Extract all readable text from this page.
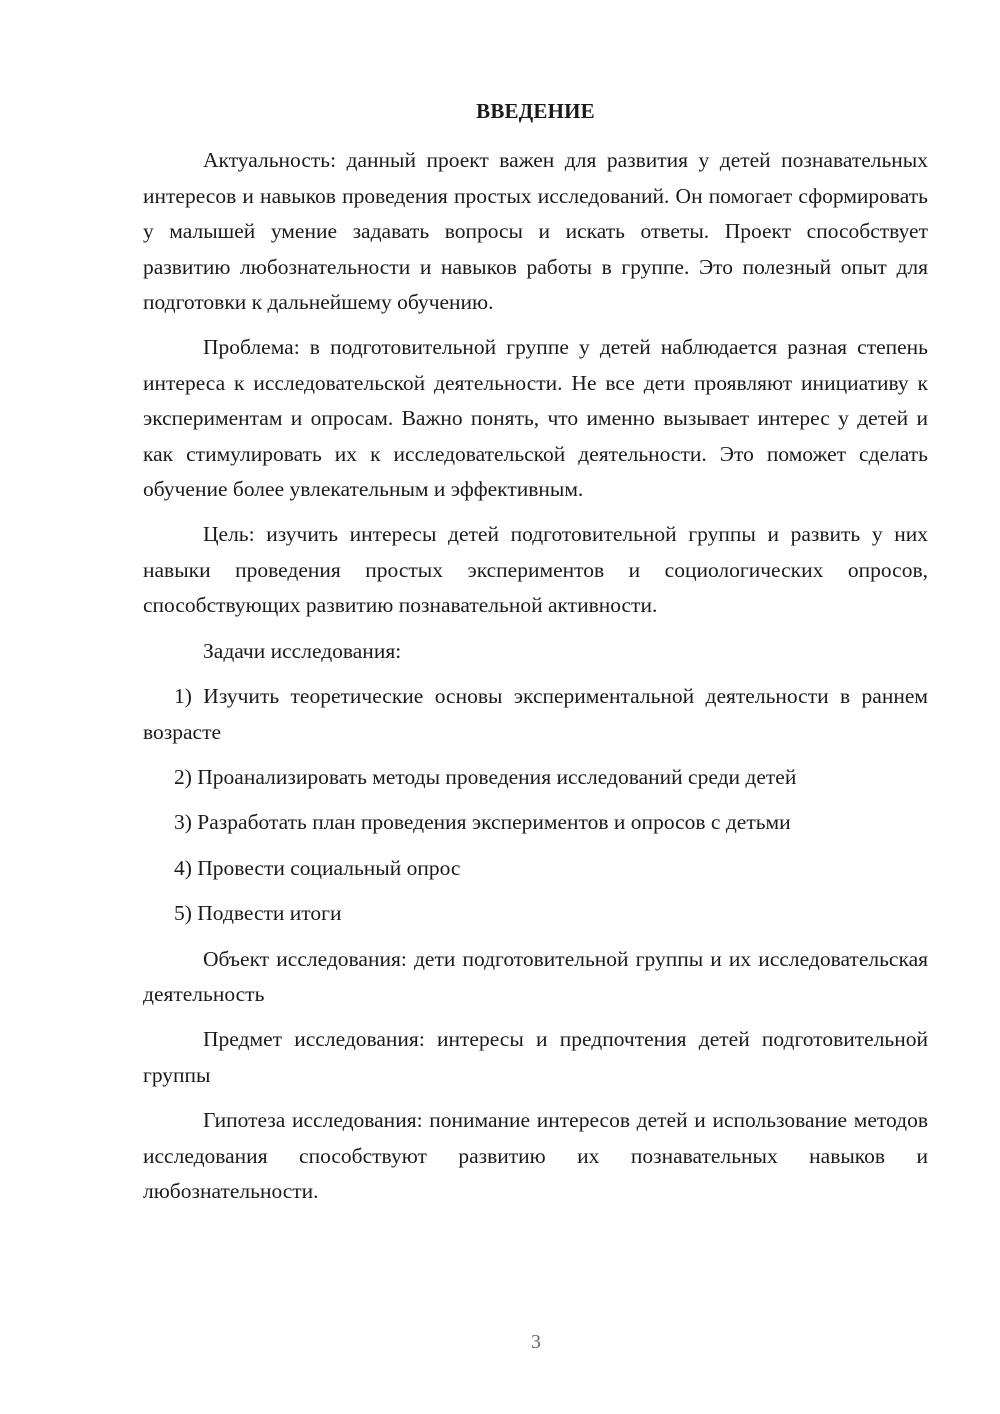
ВВЕДЕНИЕ

Актуальность: данный проект важен для развития у детей познавательных интересов и навыков проведения простых исследований. Он помогает сформировать у малышей умение задавать вопросы и искать ответы. Проект способствует развитию любознательности и навыков работы в группе. Это полезный опыт для подготовки к дальнейшему обучению.

Проблема: в подготовительной группе у детей наблюдается разная степень интереса к исследовательской деятельности. Не все дети проявляют инициативу к экспериментам и опросам. Важно понять, что именно вызывает интерес у детей и как стимулировать их к исследовательской деятельности. Это поможет сделать обучение более увлекательным и эффективным.

Цель: изучить интересы детей подготовительной группы и развить у них навыки проведения простых экспериментов и социологических опросов, способствующих развитию познавательной активности.

Задачи исследования:

1) Изучить теоретические основы экспериментальной деятельности в раннем возрасте

2) Проанализировать методы проведения исследований среди детей

3) Разработать план проведения экспериментов и опросов с детьми

4) Провести социальный опрос

5) Подвести итоги

Объект исследования: дети подготовительной группы и их исследовательская деятельность

Предмет исследования: интересы и предпочтения детей подготовительной группы

Гипотеза исследования: понимание интересов детей и использование методов исследования способствуют развитию их познавательных навыков и любознательности.

3
